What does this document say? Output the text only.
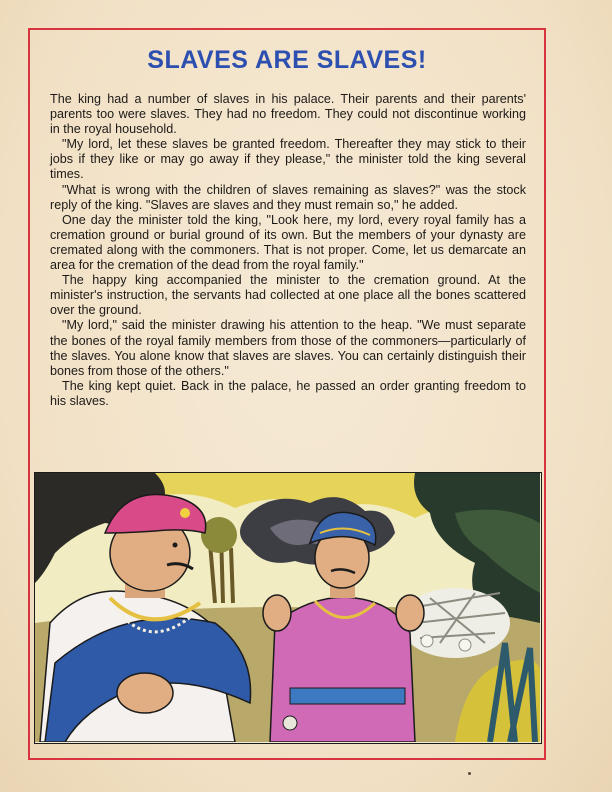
SLAVES ARE SLAVES!

The king had a number of slaves in his palace. Their parents and their parents' parents too were slaves. They had no freedom. They could not discontinue working in the royal household.

"My lord, let these slaves be granted freedom. Thereafter they may stick to their jobs if they like or may go away if they please," the minister told the king several times.

"What is wrong with the children of slaves remaining as slaves?" was the stock reply of the king. "Slaves are slaves and they must remain so," he added.

One day the minister told the king, "Look here, my lord, every royal family has a cremation ground or burial ground of its own. But the members of your dynasty are cremated along with the commoners. That is not proper. Come, let us demarcate an area for the cremation of the dead from the royal family."

The happy king accompanied the minister to the cremation ground. At the minister's instruction, the servants had collected at one place all the bones scattered over the ground.

"My lord," said the minister drawing his attention to the heap. "We must separate the bones of the royal family members from those of the commoners—particularly of the slaves. You alone know that slaves are slaves. You can certainly distinguish their bones from those of the others."

The king kept quiet. Back in the palace, he passed an order granting freedom to his slaves.
